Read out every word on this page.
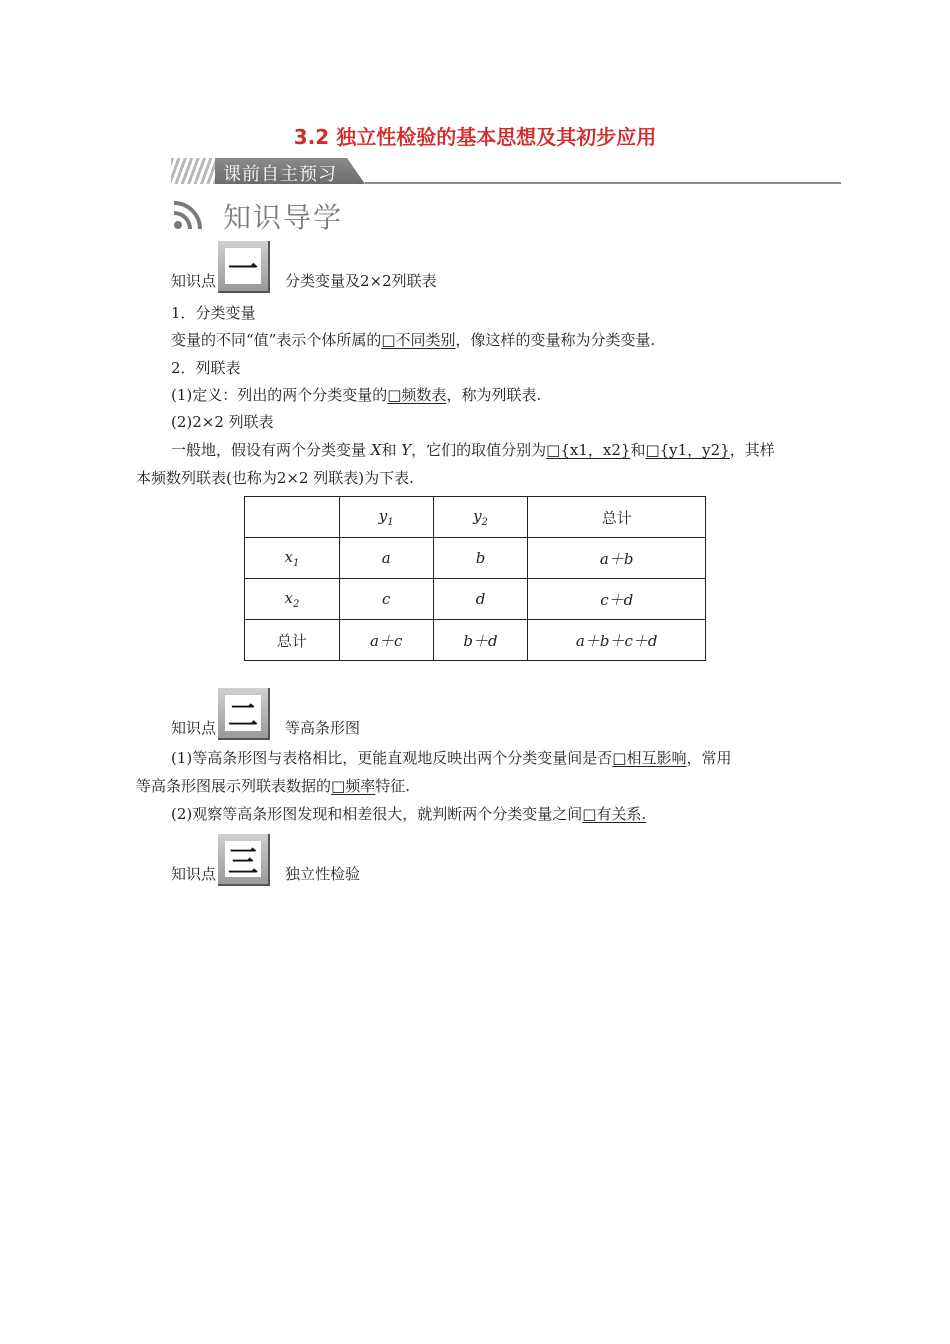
3.2 独立性检验的基本思想及其初步应用
课前自主预习
知识导学
知识点 一 分类变量及2×2列联表
1．分类变量
变量的不同“值”表示个体所属的□不同类别，像这样的变量称为分类变量.
2．列联表
(1)定义：列出的两个分类变量的□频数表，称为列联表.
(2)2×2 列联表
一般地，假设有两个分类变量 X和 Y，它们的取值分别为□{x1，x2}和□{y1，y2}，其样
本频数列联表(也称为2×2 列联表)为下表.
	$y_1$	$y_2$	总计
$x_1$	a	b	a＋b
$x_2$	c	d	c＋d
总计	a＋c	b＋d	a＋b＋c＋d
知识点 二 等高条形图
(1)等高条形图与表格相比，更能直观地反映出两个分类变量间是否□相互影响，常用
等高条形图展示列联表数据的□频率特征.
(2)观察等高条形图发现和相差很大，就判断两个分类变量之间□有关系.
知识点 三 独立性检验
